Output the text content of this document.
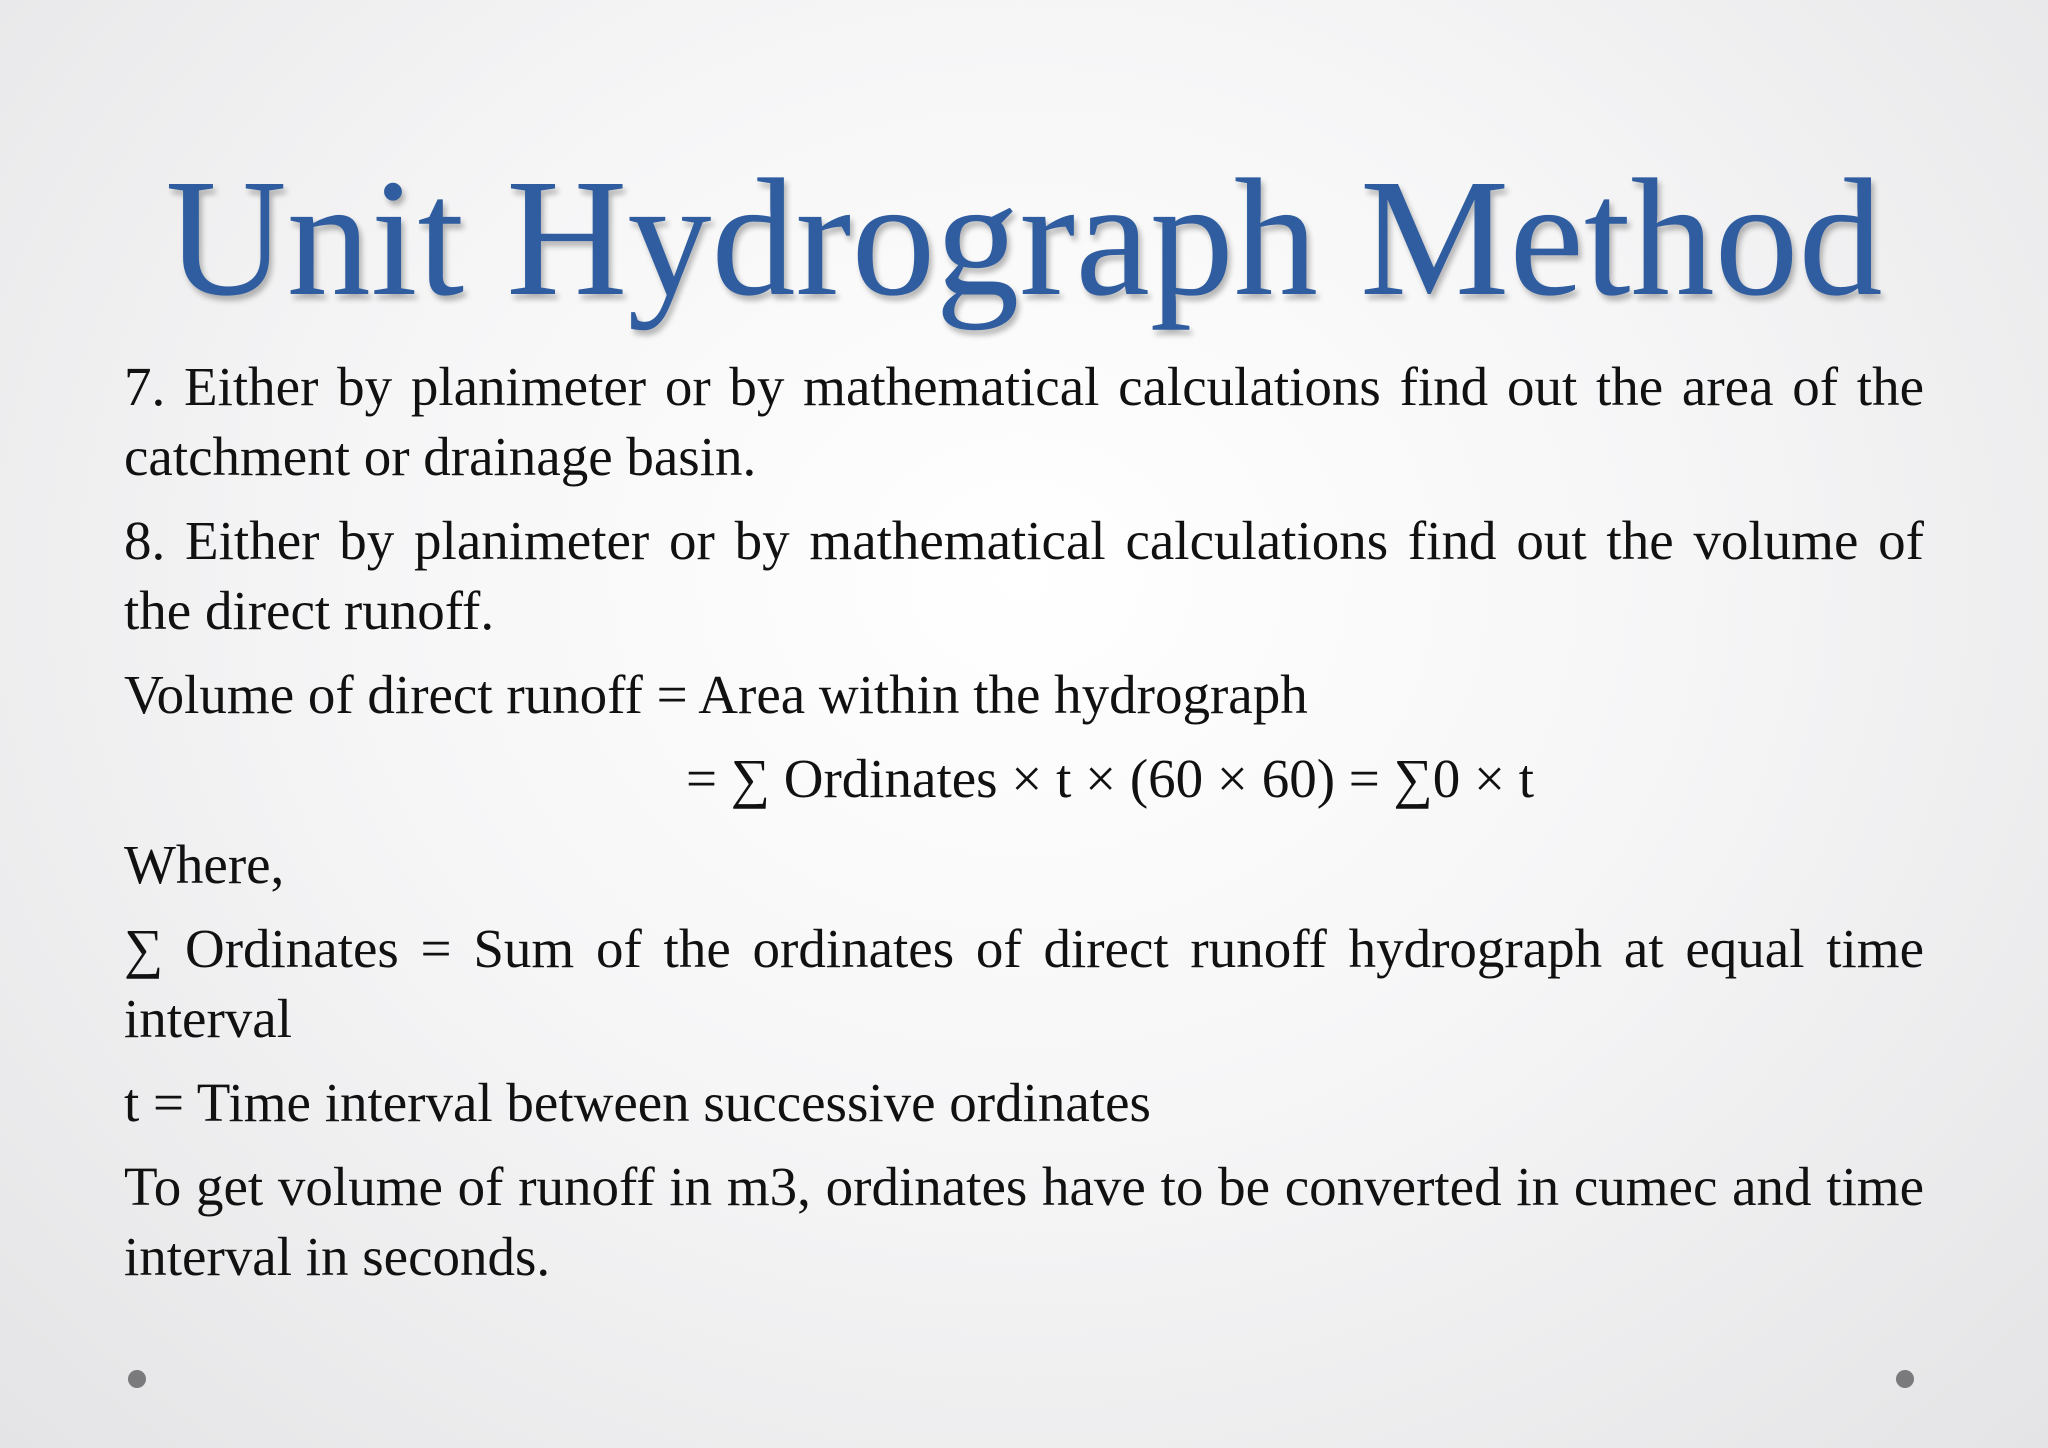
Unit Hydrograph Method

7. Either by planimeter or by mathematical calculations find out the area of the catchment or drainage basin.

8. Either by planimeter or by mathematical calculations find out the volume of the direct runoff.

Volume of direct runoff = Area within the hydrograph

= ∑ Ordinates × t × (60 × 60) = ∑0 × t

Where,

∑ Ordinates = Sum of the ordinates of direct runoff hydrograph at equal time interval

t = Time interval between successive ordinates

To get volume of runoff in m3, ordinates have to be converted in cumec and time interval in seconds.
